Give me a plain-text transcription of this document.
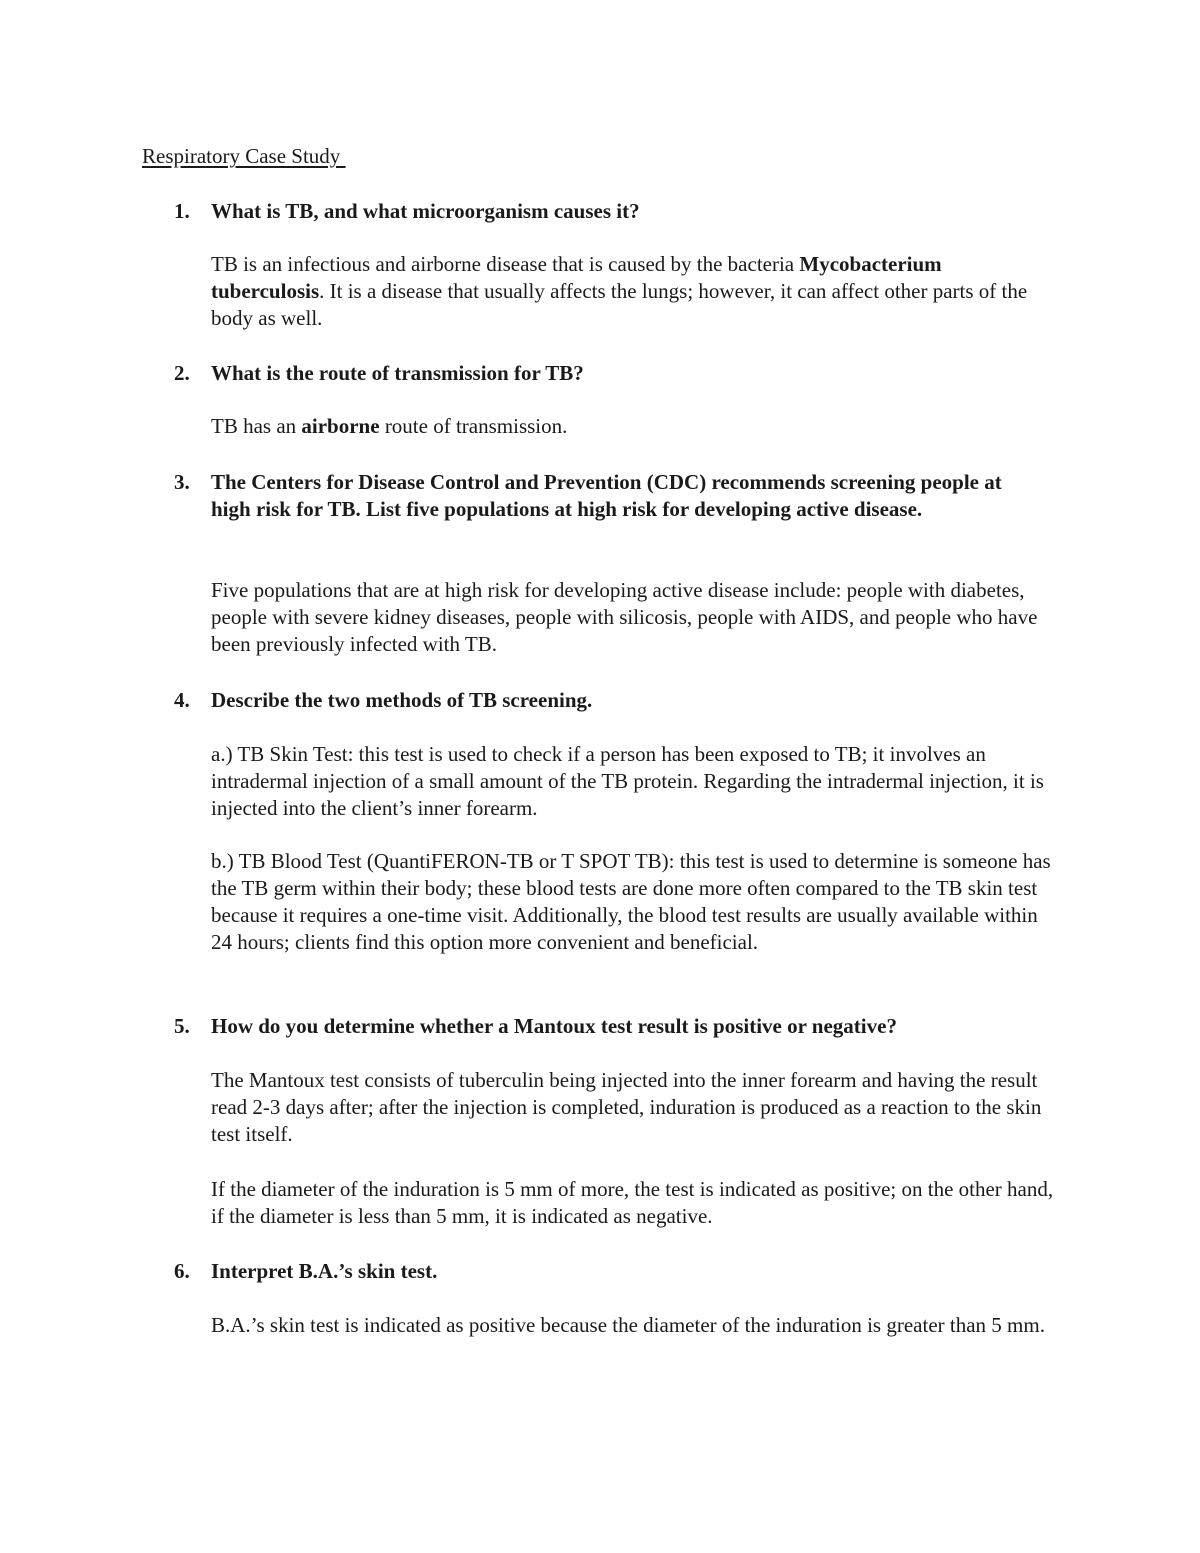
Respiratory Case Study
1.	What is TB, and what microorganism causes it?
TB is an infectious and airborne disease that is caused by the bacteria Mycobacterium tuberculosis. It is a disease that usually affects the lungs; however, it can affect other parts of the body as well.
2.	What is the route of transmission for TB?
TB has an airborne route of transmission.
3.	The Centers for Disease Control and Prevention (CDC) recommends screening people at high risk for TB. List five populations at high risk for developing active disease.
Five populations that are at high risk for developing active disease include: people with diabetes, people with severe kidney diseases, people with silicosis, people with AIDS, and people who have been previously infected with TB.
4.	Describe the two methods of TB screening.
a.) TB Skin Test: this test is used to check if a person has been exposed to TB; it involves an intradermal injection of a small amount of the TB protein. Regarding the intradermal injection, it is injected into the client’s inner forearm.
b.) TB Blood Test (QuantiFERON-TB or T SPOT TB): this test is used to determine is someone has the TB germ within their body; these blood tests are done more often compared to the TB skin test because it requires a one-time visit. Additionally, the blood test results are usually available within 24 hours; clients find this option more convenient and beneficial.
5.	How do you determine whether a Mantoux test result is positive or negative?
The Mantoux test consists of tuberculin being injected into the inner forearm and having the result read 2-3 days after; after the injection is completed, induration is produced as a reaction to the skin test itself.
If the diameter of the induration is 5 mm of more, the test is indicated as positive; on the other hand, if the diameter is less than 5 mm, it is indicated as negative.
6.	Interpret B.A.’s skin test.
B.A.’s skin test is indicated as positive because the diameter of the induration is greater than 5 mm.
